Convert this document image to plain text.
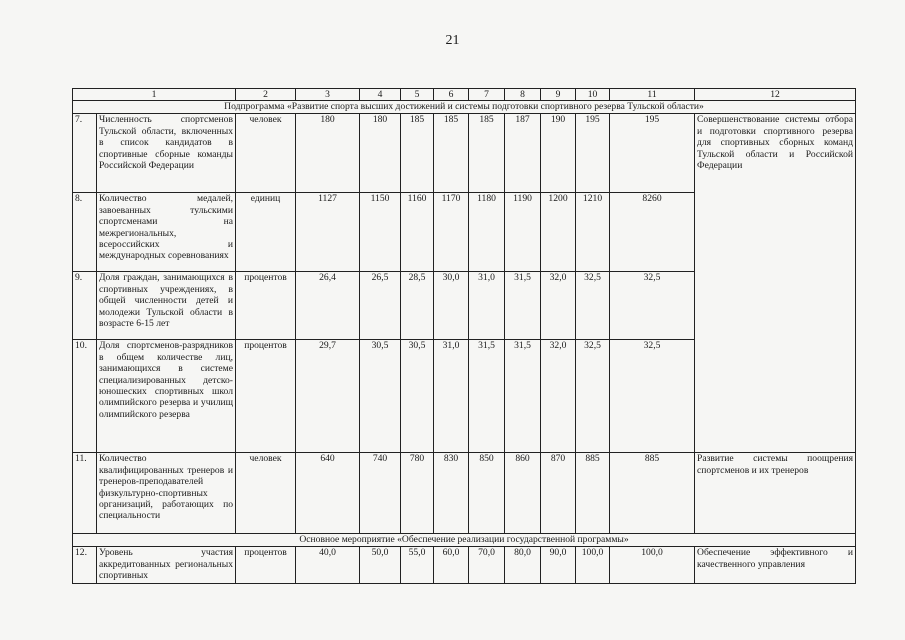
21
1		2	3	4	5	6	7	8	9	10	11	12
Подпрограмма «Развитие спорта высших достижений и системы подготовки спортивного резерва Тульской области»												
7.	Численность спортсменов Тульской области, включенных в список кандидатов в спортивные сборные команды Российской Федерации	человек	180	180	185	185	185	187	190	195	195	Совершенствование системы отбора и подготовки спортивного резерва для спортивных сборных команд Тульской области и Российской Федерации
8.	Количество медалей, завоеванных тульскими спортсменами на межрегиональных, всероссийских и международных соревнованиях	единиц	1127	1150	1160	1170	1180	1190	1200	1210	8260	
9.	Доля граждан, занимающихся в спортивных учреждениях, в общей численности детей и молодежи Тульской области в возрасте 6-15 лет	процентов	26,4	26,5	28,5	30,0	31,0	31,5	32,0	32,5	32,5	
10.	Доля спортсменов-разрядников в общем количестве лиц, занимающихся в системе специализированных детско-юношеских спортивных школ олимпийского резерва и училищ олимпийского резерва	процентов	29,7	30,5	30,5	31,0	31,5	31,5	32,0	32,5	32,5	
11.	Количество квалифицированных тренеров и тренеров-преподавателей физкультурно-спортивных организаций, работающих по специальности	человек	640	740	780	830	850	860	870	885	885	Развитие системы поощрения спортсменов и их тренеров
Основное мероприятие «Обеспечение реализации государственной программы»												
12.	Уровень участия аккредитованных региональных спортивных	процентов	40,0	50,0	55,0	60,0	70,0	80,0	90,0	100,0	100,0	Обеспечение эффективного и качественного управления
